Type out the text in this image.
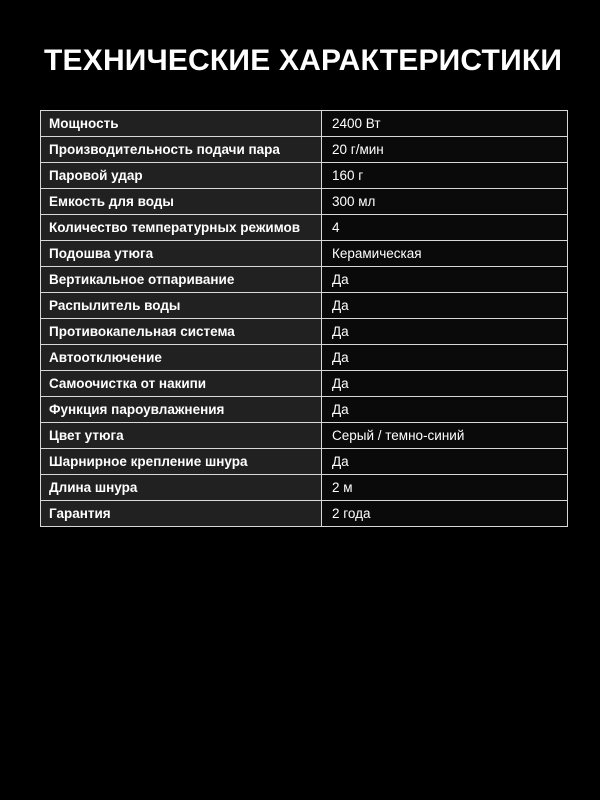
ТЕХНИЧЕСКИЕ ХАРАКТЕРИСТИКИ
Мощность	2400 Вт
Производительность подачи пара	20 г/мин
Паровой удар	160 г
Емкость для воды	300 мл
Количество температурных режимов	4
Подошва утюга	Керамическая
Вертикальное отпаривание	Да
Распылитель воды	Да
Противокапельная система	Да
Автоотключение	Да
Самоочистка от накипи	Да
Функция пароувлажнения	Да
Цвет утюга	Серый / темно-синий
Шарнирное крепление шнура	Да
Длина шнура	2 м
Гарантия	2 года
